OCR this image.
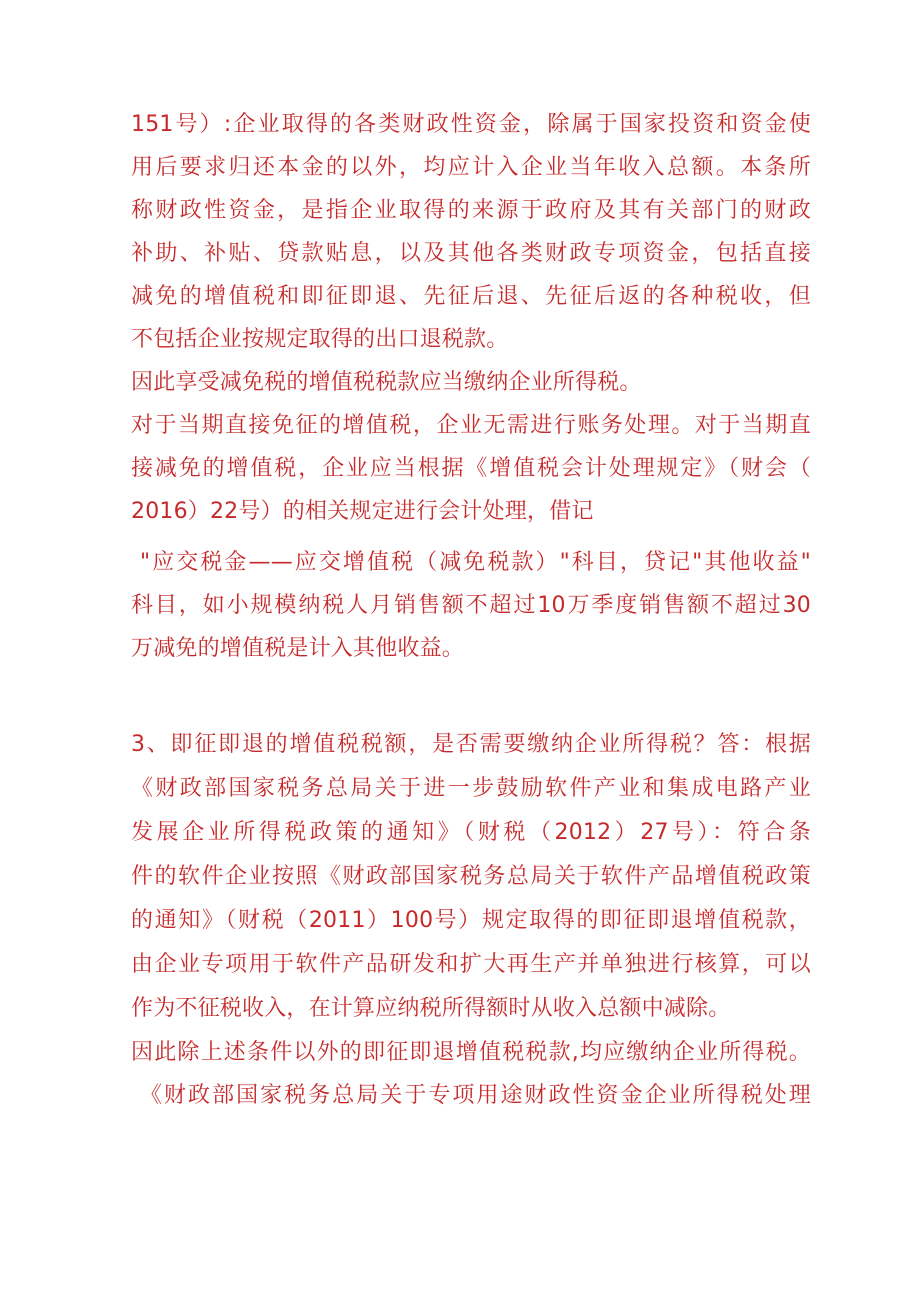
151号）:企业取得的各类财政性资金，除属于国家投资和资金使

用后要求归还本金的以外，均应计入企业当年收入总额。本条所

称财政性资金，是指企业取得的来源于政府及其有关部门的财政

补助、补贴、贷款贴息，以及其他各类财政专项资金，包括直接

减免的增值税和即征即退、先征后退、先征后返的各种税收，但

不包括企业按规定取得的出口退税款。

因此享受减免税的增值税税款应当缴纳企业所得税。

对于当期直接免征的增值税，企业无需进行账务处理。对于当期直

接减免的增值税，企业应当根据《增值税会计处理规定》（财会（

2016）22号）的相关规定进行会计处理，借记

"应交税金——应交增值税（减免税款）"科目，贷记"其他收益"

科目，如小规模纳税人月销售额不超过10万季度销售额不超过30

万减免的增值税是计入其他收益。

3、即征即退的增值税税额，是否需要缴纳企业所得税？答：根据

《财政部国家税务总局关于进一步鼓励软件产业和集成电路产业

发展企业所得税政策的通知》（财税（2012）27号）：符合条

件的软件企业按照《财政部国家税务总局关于软件产品增值税政策

的通知》（财税（2011）100号）规定取得的即征即退增值税款，

由企业专项用于软件产品研发和扩大再生产并单独进行核算，可以

作为不征税收入，在计算应纳税所得额时从收入总额中减除。

因此除上述条件以外的即征即退增值税税款,均应缴纳企业所得税。

《财政部国家税务总局关于专项用途财政性资金企业所得税处理
